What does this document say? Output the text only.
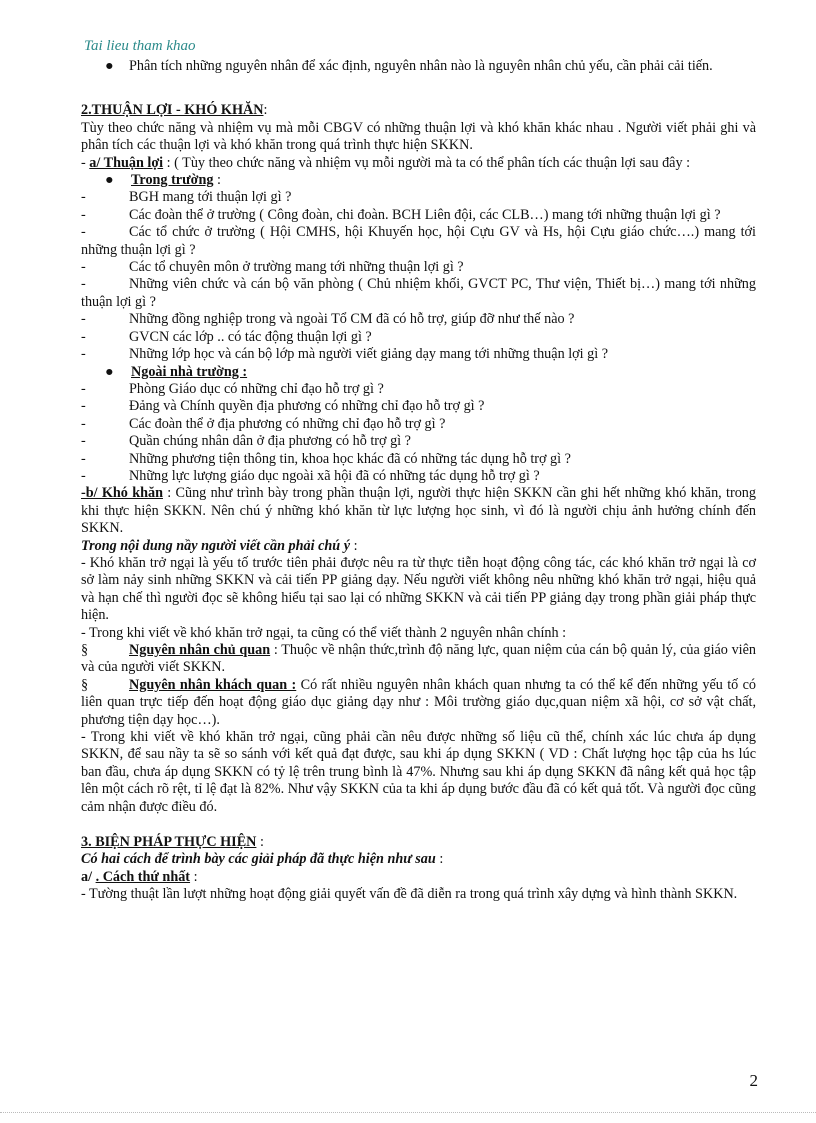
Tai lieu tham khao

● Phân tích những nguyên nhân để xác định, nguyên nhân nào là nguyên nhân chủ yếu, cần phải cải tiến.

2.THUẬN LỢI - KHÓ KHĂN:

Tùy theo chức năng và nhiệm vụ mà mỗi CBGV có những thuận lợi và khó khăn khác nhau . Người viết phải ghi và phân tích các thuận lợi và khó khăn trong quá trình thực hiện SKKN.

- a/ Thuận lợi : ( Tùy theo chức năng và nhiệm vụ mỗi người mà ta có thể phân tích các thuận lợi sau đây :

● Trong trường :

-	BGH mang tới thuận lợi gì ?

-	Các đoàn thể ở trường ( Công đoàn, chi đoàn. BCH Liên đội, các CLB…) mang tới những thuận lợi gì ?

-	Các tổ chức ở trường ( Hội CMHS, hội Khuyến học, hội Cựu GV và Hs, hội Cựu giáo chức….) mang tới những thuận lợi gì ?

-	Các tổ chuyên môn ở trường mang tới những thuận lợi gì ?

-	Những viên chức và cán bộ văn phòng ( Chủ nhiệm khối, GVCT PC, Thư viện, Thiết bị…) mang tới những thuận lợi gì ?

-	Những đồng nghiệp trong và ngoài Tổ CM đã có hỗ trợ, giúp đỡ như thế nào ?

-	GVCN các lớp .. có tác động thuận lợi gì ?

-	Những lớp học và cán bộ lớp mà người viết giảng dạy mang tới những thuận lợi gì ?

● Ngoài nhà trường :

-	Phòng Giáo dục có những chỉ đạo hỗ trợ gì ?

-	Đảng và Chính quyền địa phương có những chỉ đạo hỗ trợ gì ?

-	Các đoàn thể ở địa phương có những chỉ đạo hỗ trợ gì ?

-	Quần chúng nhân dân ở địa phương có hỗ trợ gì ?

-	Những phương tiện thông tin, khoa học khác đã có những tác dụng hỗ trợ gì ?

-	Những lực lượng giáo dục ngoài xã hội đã có những tác dụng hỗ trợ gì ?

-b/ Khó khăn : Cũng như trình bày trong phần thuận lợi, người thực hiện SKKN cần ghi hết những khó khăn, trong khi thực hiện SKKN. Nên chú ý những khó khăn từ lực lượng học sinh, vì đó là người chịu ảnh hưởng chính đến SKKN.

Trong nội dung nầy người viết cần phải chú ý :

- Khó khăn trở ngại là yếu tố trước tiên phải được nêu ra từ thực tiễn hoạt động công tác, các khó khăn trở ngại là cơ sở làm nảy sinh những SKKN và cải tiến PP giảng dạy. Nếu người viết không nêu những khó khăn trở ngại, hiệu quả và hạn chế thì người đọc sẽ không hiểu tại sao lại có những SKKN và cải tiến PP giảng dạy trong phần giải pháp thực hiện.

- Trong khi viết về khó khăn trở ngại, ta cũng có thể viết thành 2 nguyên nhân chính :

§	Nguyên nhân chủ quan : Thuộc về nhận thức,trình độ năng lực, quan niệm của cán bộ quản lý, của giáo viên và của người viết SKKN.

§	Nguyên nhân khách quan : Có rất nhiều nguyên nhân khách quan nhưng ta có thể kể đến những yếu tố có liên quan trực tiếp đến hoạt động giáo dục giảng dạy như : Môi trường giáo dục,quan niệm xã hội, cơ sở vật chất, phương tiện dạy học…).

- Trong khi viết về khó khăn trở ngại, cũng phải cần nêu được những số liệu cũ thể, chính xác lúc chưa áp dụng SKKN, để sau nầy ta sẽ so sánh với kết quả đạt được, sau khi áp dụng SKKN ( VD : Chất lượng học tập của hs lúc ban đầu, chưa áp dụng SKKN có tỷ lệ trên trung bình là 47%. Nhưng sau khi áp dụng SKKN đã nâng kết quả học tập lên một cách rõ rệt, tỉ lệ đạt là 82%. Như vậy SKKN của ta khi áp dụng bước đầu đã có kết quả tốt. Và người đọc cũng cảm nhận được điều đó.

3. BIỆN PHÁP THỰC HIỆN :

Có hai cách để trình bày các giải pháp đã thực hiện như sau :

a/ . Cách thứ nhất :

- Tường thuật lần lượt những hoạt động giải quyết vấn đề đã diễn ra trong quá trình xây dựng và hình thành SKKN.

2
